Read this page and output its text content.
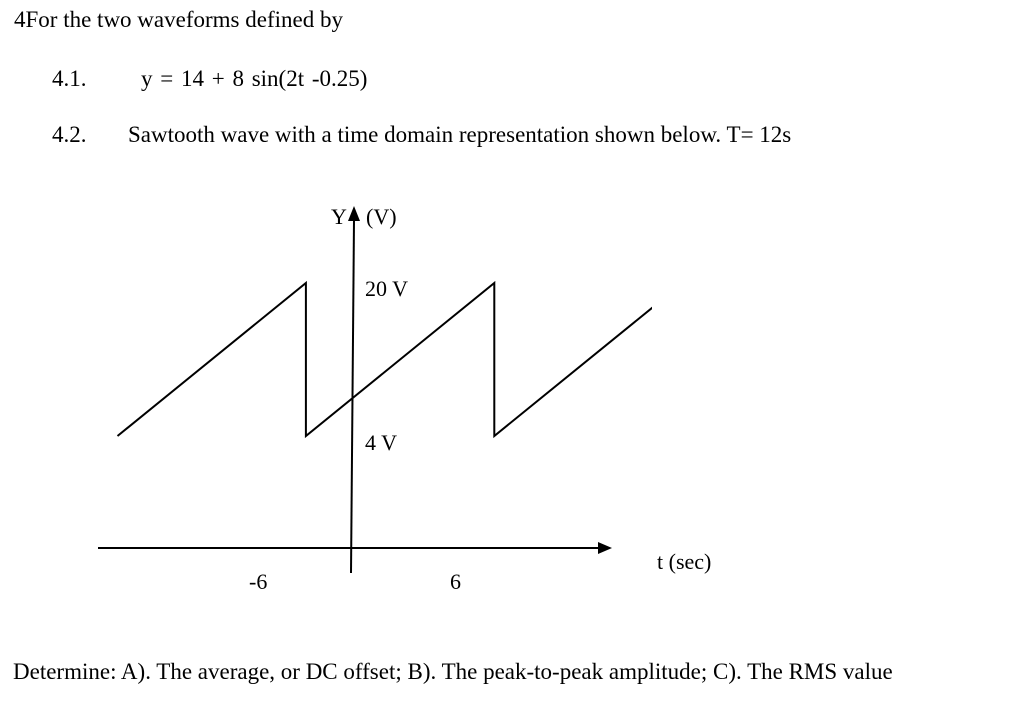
4For the two waveforms defined by
4.1. y = 14 + 8 sin(2t -0.25)
4.2. Sawtooth wave with a time domain representation shown below. T= 12s
Y (V)
t (sec)
-6	6
20 V
4 V
Determine: A). The average, or DC offset; B). The peak-to-peak amplitude; C). The RMS value
